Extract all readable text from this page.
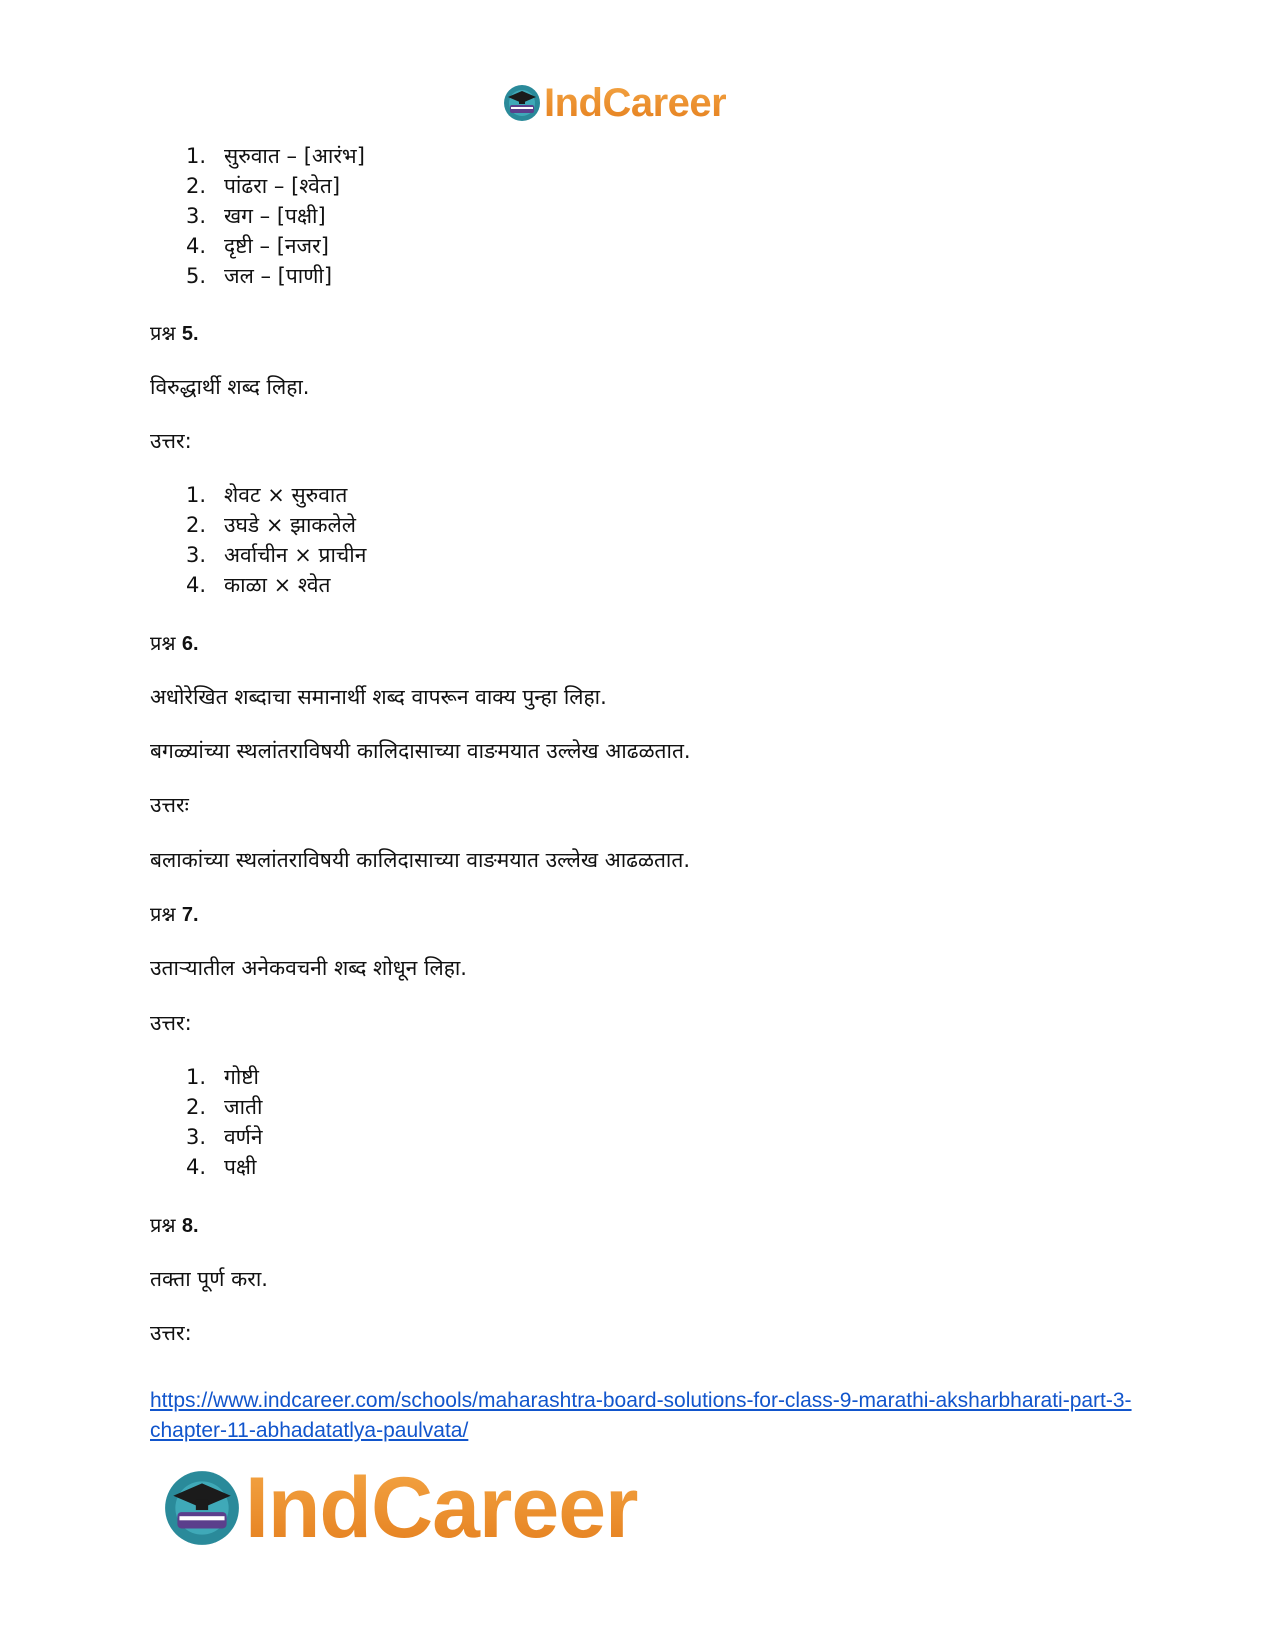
IndCareer
1. सुरुवात – [आरंभ]
2. पांढरा – [श्वेत]
3. खग – [पक्षी]
4. दृष्टी – [नजर]
5. जल – [पाणी]
प्रश्न 5.
विरुद्धार्थी शब्द लिहा.
उत्तर:
1. शेवट × सुरुवात
2. उघडे × झाकलेले
3. अर्वाचीन × प्राचीन
4. काळा × श्वेत
प्रश्न 6.
अधोरेखित शब्दाचा समानार्थी शब्द वापरून वाक्य पुन्हा लिहा.
बगळ्यांच्या स्थलांतराविषयी कालिदासाच्या वाङमयात उल्लेख आढळतात.
उत्तरः
बलाकांच्या स्थलांतराविषयी कालिदासाच्या वाङमयात उल्लेख आढळतात.
प्रश्न 7.
उताऱ्यातील अनेकवचनी शब्द शोधून लिहा.
उत्तर:
1. गोष्टी
2. जाती
3. वर्णने
4. पक्षी
प्रश्न 8.
तक्ता पूर्ण करा.
उत्तर:
https://www.indcareer.com/schools/maharashtra-board-solutions-for-class-9-marathi-aksharbharati-part-3-chapter-11-abhadatatlya-paulvata/
IndCareer
